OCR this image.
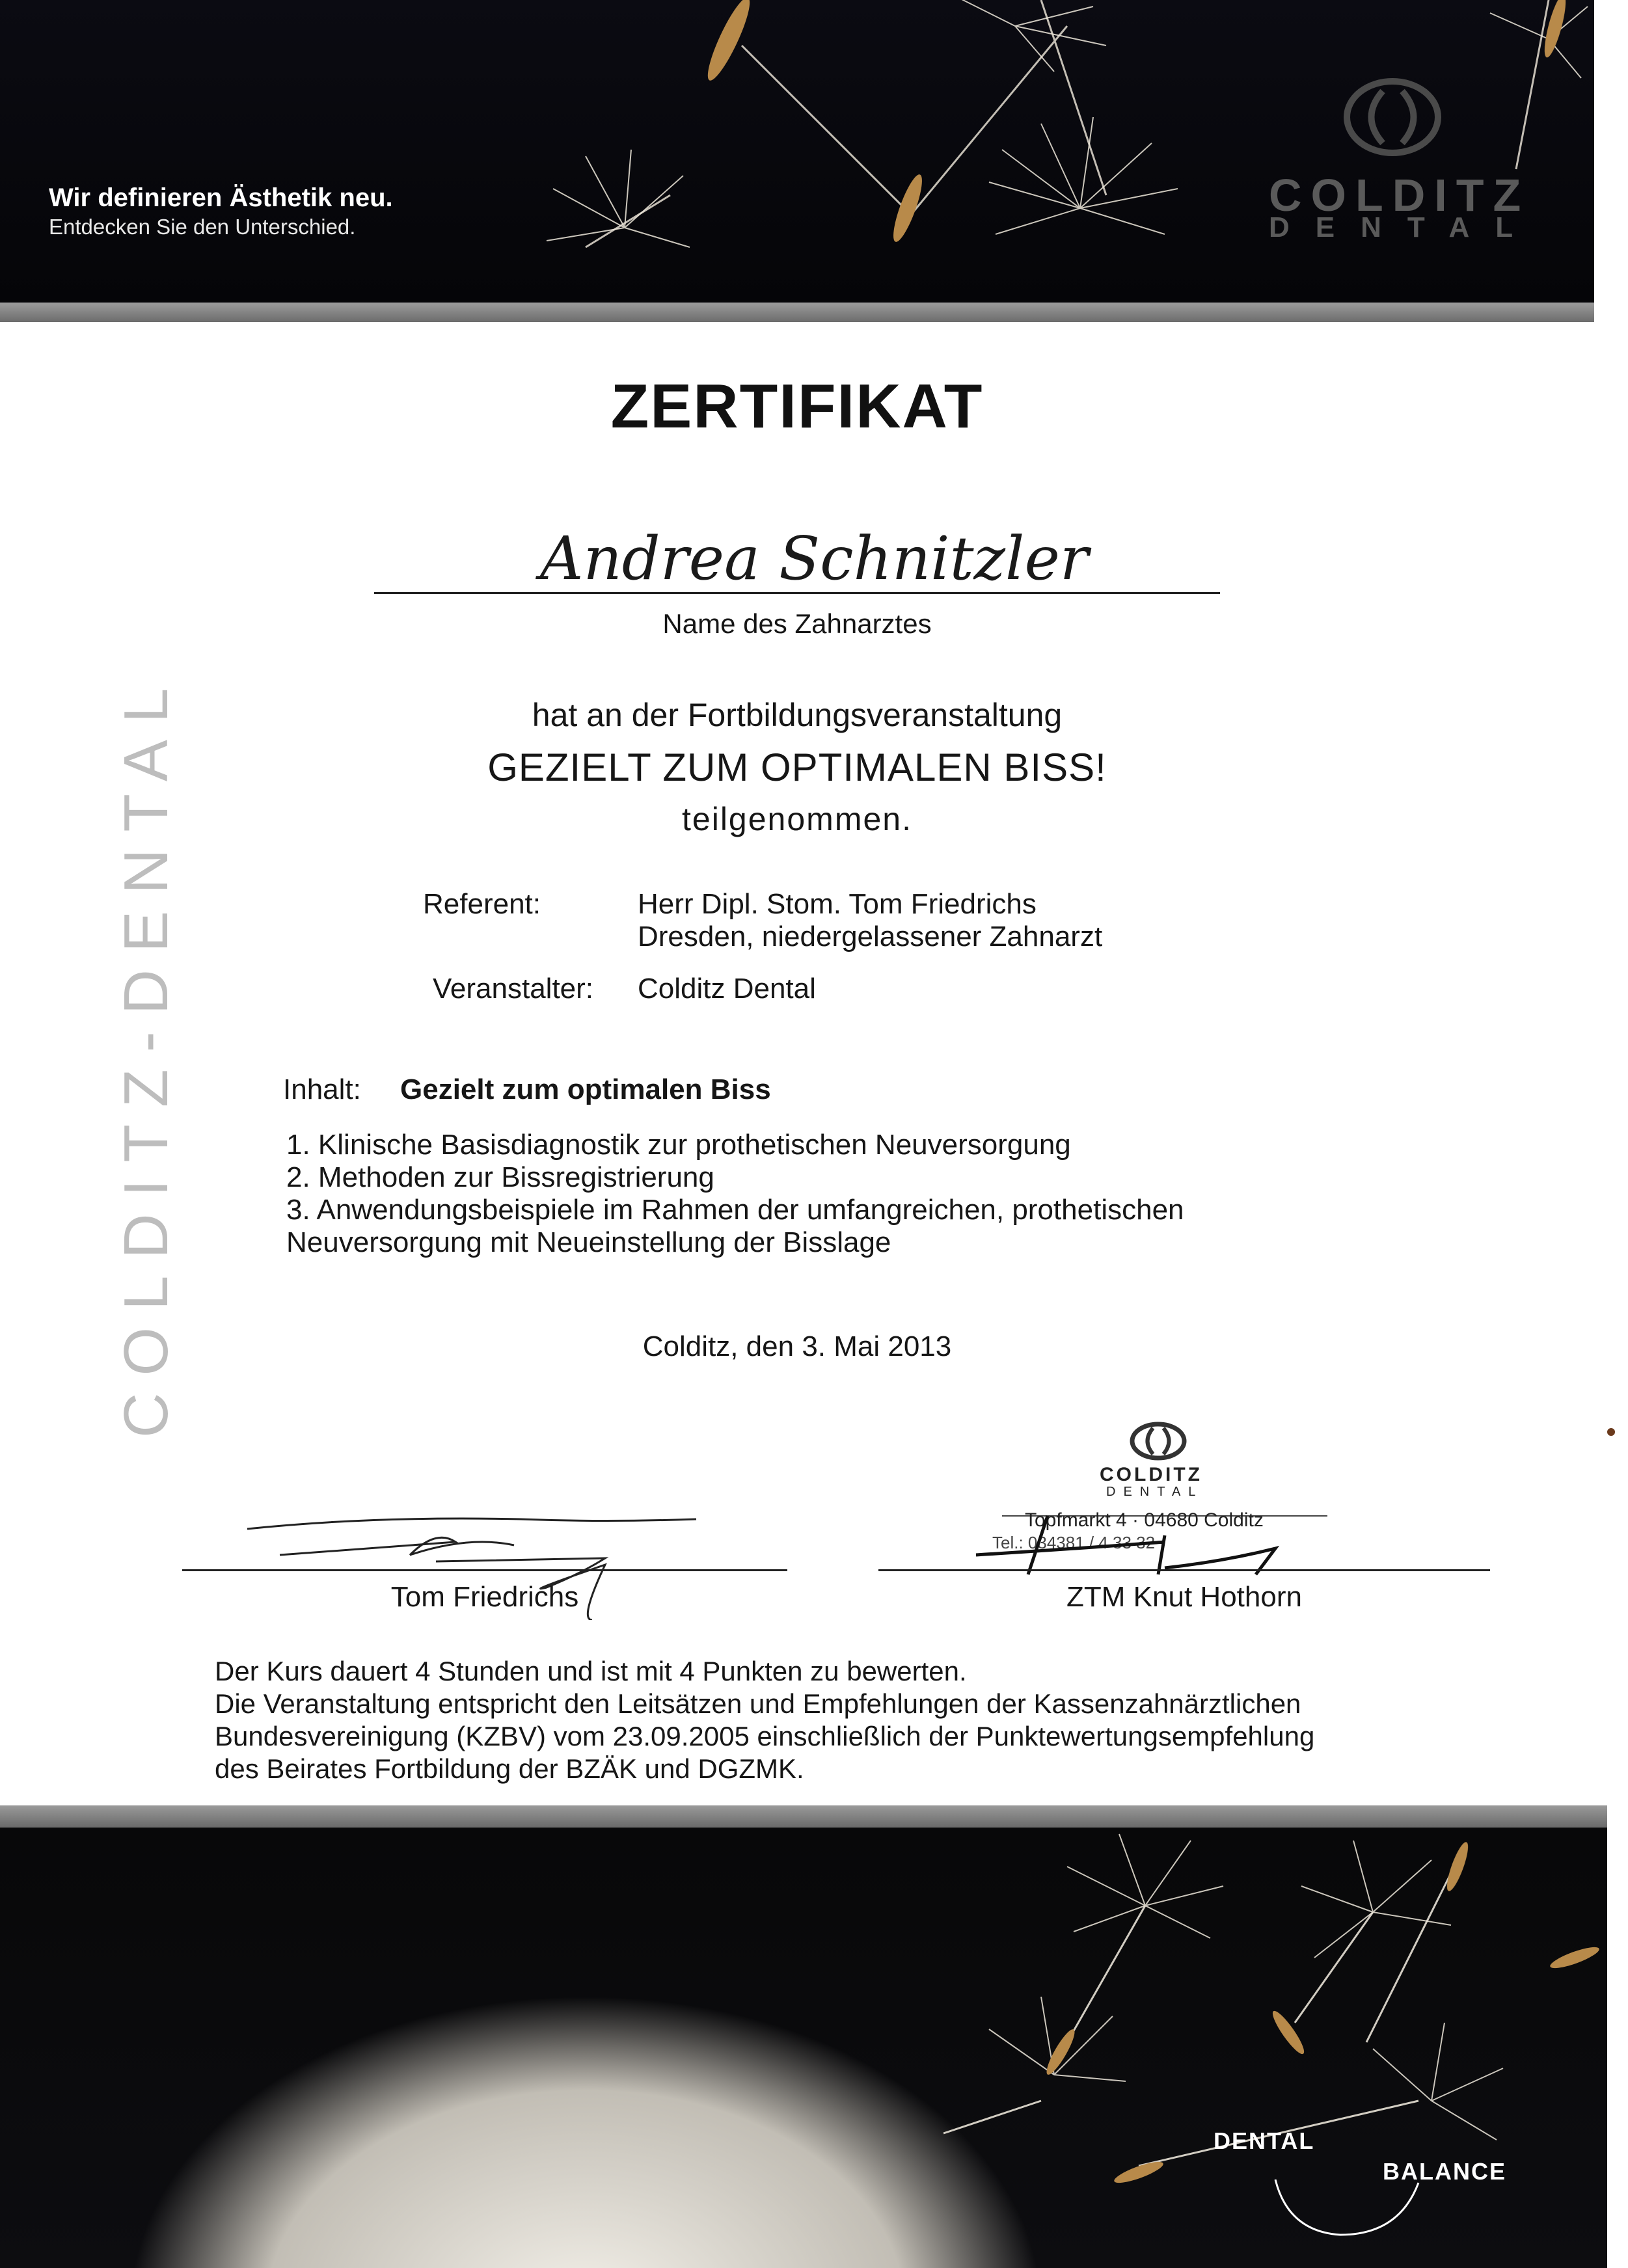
Wir definieren Ästhetik neu.
Entdecken Sie den Unterschied.
COLDITZ
DENTAL
ZERTIFIKAT
Andrea Schnitzler
Name des Zahnarztes
hat an der Fortbildungsveranstaltung
GEZIELT ZUM OPTIMALEN BISS!
teilgenommen.
Referent:	Herr Dipl. Stom. Tom Friedrichs
Dresden, niedergelassener Zahnarzt
Veranstalter: Colditz Dental
Inhalt: Gezielt zum optimalen Biss
1. Klinische Basisdiagnostik zur prothetischen Neuversorgung
2. Methoden zur Bissregistrierung
3. Anwendungsbeispiele im Rahmen der umfangreichen, prothetischen
Neuversorgung mit Neueinstellung der Bisslage
Colditz, den 3. Mai 2013
Tom Friedrichs
COLDITZ
DENTAL
Topfmarkt 4 · 04680 Colditz
Tel.: 034381 / 4 33 32
ZTM Knut Hothorn
Der Kurs dauert 4 Stunden und ist mit 4 Punkten zu bewerten.
Die Veranstaltung entspricht den Leitsätzen und Empfehlungen der Kassenzahnärztlichen
Bundesvereinigung (KZBV) vom 23.09.2005 einschließlich der Punktewertungsempfehlung
des Beirates Fortbildung der BZÄK und DGZMK.
DENTAL
BALANCE
COLDITZ-DENTAL
